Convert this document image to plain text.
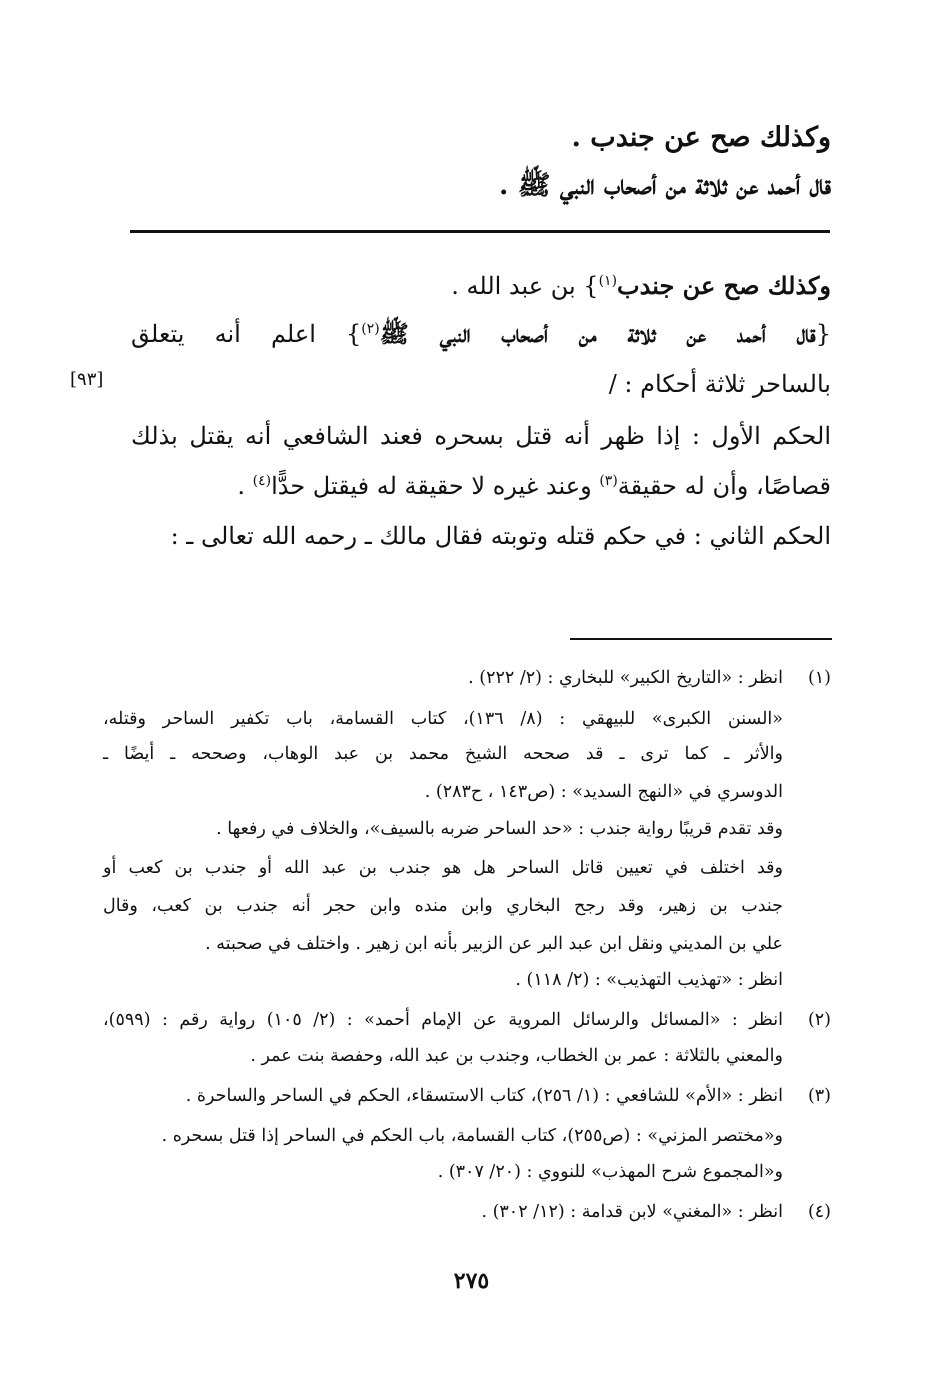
وكذلك صح عن جندب .
قال أحمد عن ثلاثة من أصحاب النبي ﷺ .
وكذلك صح عن جندب$^{(١)}$} بن عبد الله .
{قال أحمد عن ثلاثة من أصحاب النبي ﷺ$^{(٢)}$} اعلم أنه يتعلق
بالساحر ثلاثة أحكام : /
[٩٣]
الحكم الأول : إذا ظهر أنه قتل بسحره فعند الشافعي أنه يقتل بذلك
قصاصًا، وأن له حقيقة$^{(٣)}$ وعند غيره لا حقيقة له فيقتل حدًّا$^{(٤)}$ .
الحكم الثاني : في حكم قتله وتوبته فقال مالك ـ رحمه الله تعالى ـ :
(١)
انظر : «التاريخ الكبير» للبخاري : (٢/ ٢٢٢) .
«السنن الكبرى» للبيهقي : (٨/ ١٣٦)، كتاب القسامة، باب تكفير الساحر وقتله،
والأثر ـ كما ترى ـ قد صححه الشيخ محمد بن عبد الوهاب، وصححه ـ أيضًا ـ
الدوسري في «النهج السديد» : (ص١٤٣ ، ح٢٨٣) .
وقد تقدم قريبًا رواية جندب : «حد الساحر ضربه بالسيف»، والخلاف في رفعها .
وقد اختلف في تعيين قاتل الساحر هل هو جندب بن عبد الله أو جندب بن كعب أو
جندب بن زهير، وقد رجح البخاري وابن منده وابن حجر أنه جندب بن كعب، وقال
علي بن المديني ونقل ابن عبد البر عن الزبير بأنه ابن زهير . واختلف في صحبته .
انظر : «تهذيب التهذيب» : (٢/ ١١٨) .
(٢)
انظر : «المسائل والرسائل المروية عن الإمام أحمد» : (٢/ ١٠٥) رواية رقم : (٥٩٩)،
والمعني بالثلاثة : عمر بن الخطاب، وجندب بن عبد الله، وحفصة بنت عمر .
(٣)
انظر : «الأم» للشافعي : (١/ ٢٥٦)، كتاب الاستسقاء، الحكم في الساحر والساحرة .
و«مختصر المزني» : (ص٢٥٥)، كتاب القسامة، باب الحكم في الساحر إذا قتل بسحره .
و«المجموع شرح المهذب» للنووي : (٢٠/ ٣٠٧) .
(٤)
انظر : «المغني» لابن قدامة : (١٢/ ٣٠٢) .
٢٧٥
